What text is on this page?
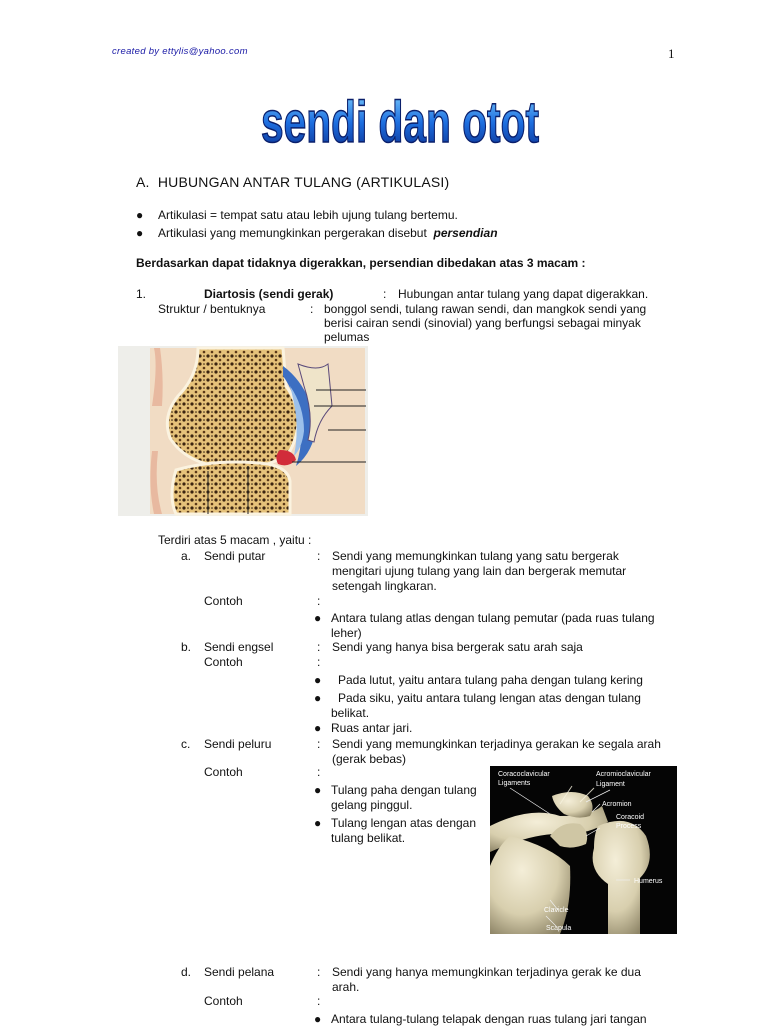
created by ettylis@yahoo.com	1
sendi dan otot
A. HUBUNGAN ANTAR TULANG (ARTIKULASI)
● Artikulasi = tempat satu atau lebih ujung tulang bertemu.
● Artikulasi yang memungkinkan pergerakan disebut persendian
Berdasarkan dapat tidaknya digerakkan, persendian dibedakan atas 3 macam :
1.	Diartosis (sendi gerak)	: Hubungan antar tulang yang dapat digerakkan.
Struktur / bentuknya	: bonggol sendi, tulang rawan sendi, dan mangkok sendi yang
berisi cairan sendi (sinovial) yang berfungsi sebagai minyak
pelumas
Terdiri atas 5 macam , yaitu :
a. Sendi putar	: Sendi yang memungkinkan tulang yang satu bergerak
mengitari ujung tulang yang lain dan bergerak memutar
setengah lingkaran.
Contoh	:
● Antara tulang atlas dengan tulang pemutar (pada ruas tulang
leher)
b. Sendi engsel	: Sendi yang hanya bisa bergerak satu arah saja
Contoh	:
● Pada lutut, yaitu antara tulang paha dengan tulang kering
● Pada siku, yaitu antara tulang lengan atas dengan tulang
belikat.
● Ruas antar jari.
c. Sendi peluru	: Sendi yang memungkinkan terjadinya gerakan ke segala arah
(gerak bebas)
Contoh	:
● Tulang paha dengan tulang
gelang pinggul.
● Tulang lengan atas dengan
tulang belikat.
Coracoclavicular
Ligaments
Acromioclavicular
Ligament
Acromion
Coracoid
Process
Humerus
Clavicle
Scapula
d. Sendi pelana	: Sendi yang hanya memungkinkan terjadinya gerak ke dua
arah.
Contoh	:
● Antara tulang-tulang telapak dengan ruas tulang jari tangan
